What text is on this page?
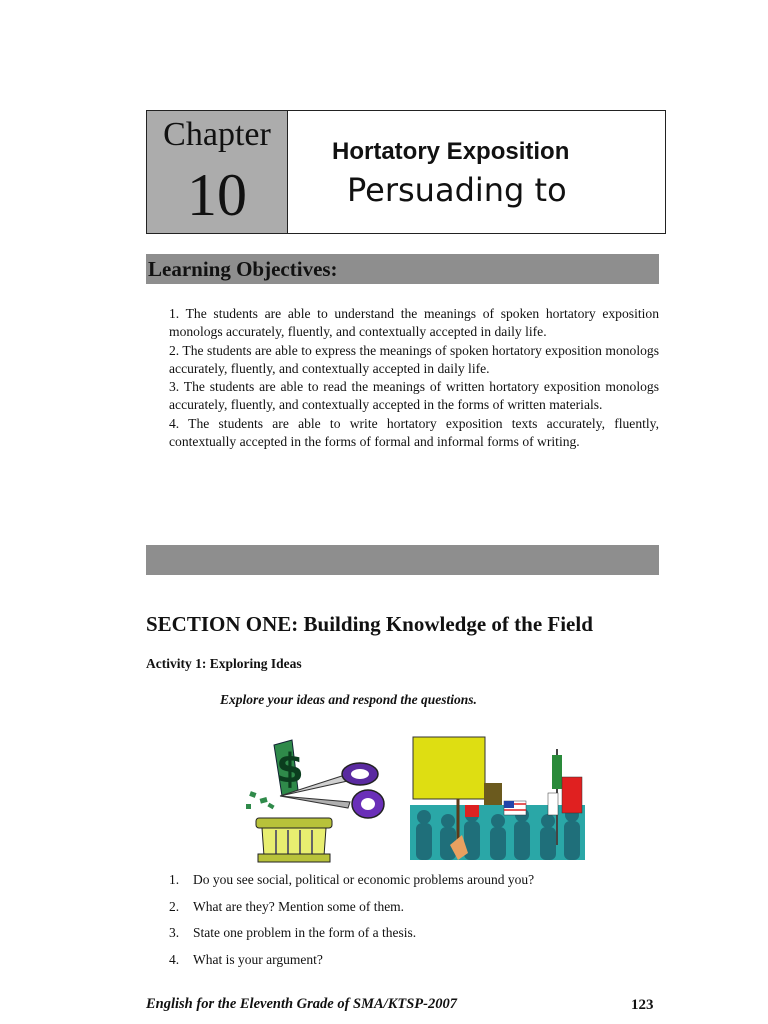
Chapter
10
Hortatory Exposition
Persuading to
Learning Objectives:

1. The students are able to understand the meanings of spoken hortatory exposition monologs accurately, fluently, and contextually accepted in daily life.

2. The students are able to express the meanings of spoken hortatory exposition monologs accurately, fluently, and contextually accepted in daily life.

3. The students are able to read the meanings of written hortatory exposition monologs accurately, fluently, and contextually accepted in the forms of written materials.

4. The students are able to write hortatory exposition texts accurately, fluently, contextually accepted in the forms of formal and informal forms of writing.

SECTION ONE: Building Knowledge of the Field
Activity 1: Exploring Ideas
Explore your ideas and respond the questions.
$
1.	Do you see social, political or economic problems around you?
2.	What are they? Mention some of them.
3.	State one problem in the form of a thesis.
4.	What is your argument?
English for the Eleventh Grade of SMA/KTSP-2007	123
